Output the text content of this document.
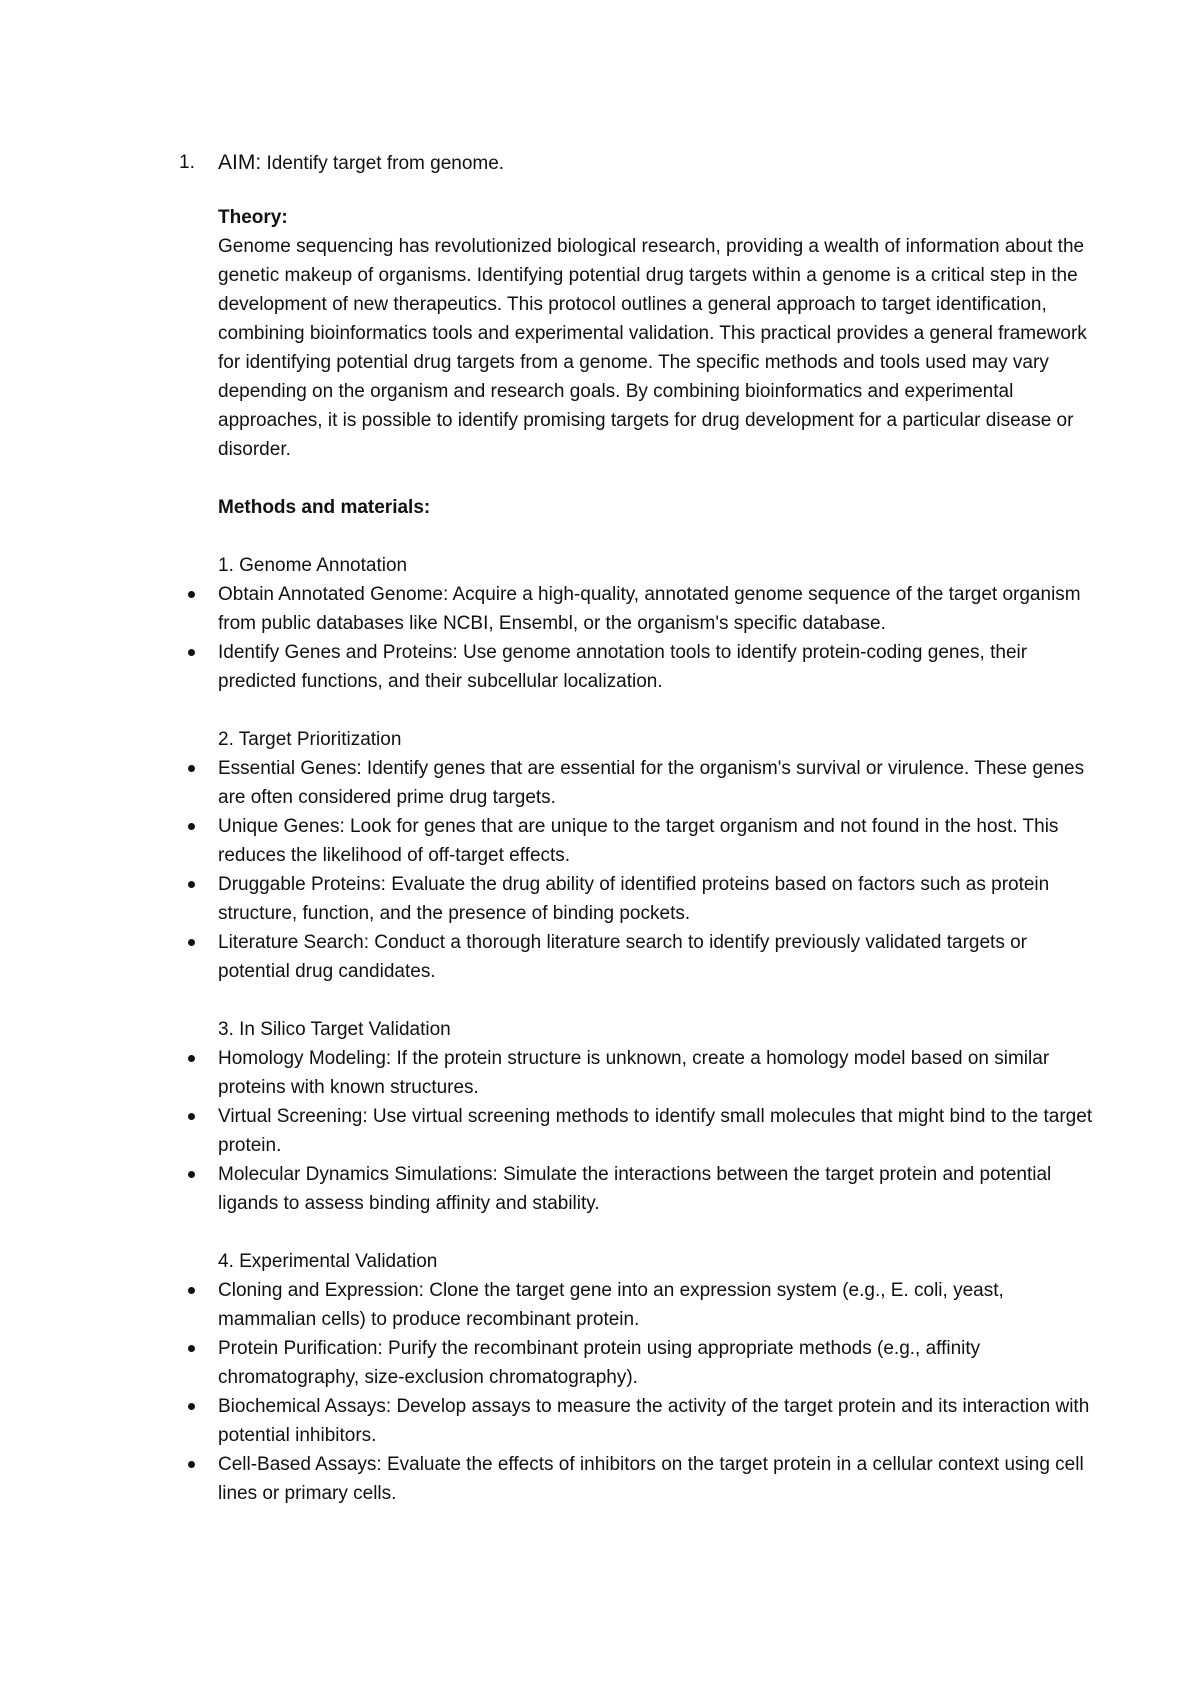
1.	AIM: Identify target from genome.
Theory:

Genome sequencing has revolutionized biological research, providing a wealth of information about the genetic makeup of organisms. Identifying potential drug targets within a genome is a critical step in the development of new therapeutics. This protocol outlines a general approach to target identification, combining bioinformatics tools and experimental validation. This practical provides a general framework for identifying potential drug targets from a genome. The specific methods and tools used may vary depending on the organism and research goals. By combining bioinformatics and experimental approaches, it is possible to identify promising targets for drug development for a particular disease or disorder.

Methods and materials:

1. Genome Annotation

Obtain Annotated Genome: Acquire a high-quality, annotated genome sequence of the target organism from public databases like NCBI, Ensembl, or the organism's specific database.
Identify Genes and Proteins: Use genome annotation tools to identify protein-coding genes, their predicted functions, and their subcellular localization.

2. Target Prioritization

Essential Genes: Identify genes that are essential for the organism's survival or virulence. These genes are often considered prime drug targets.
Unique Genes: Look for genes that are unique to the target organism and not found in the host. This reduces the likelihood of off-target effects.
Druggable Proteins: Evaluate the drug ability of identified proteins based on factors such as protein structure, function, and the presence of binding pockets.
Literature Search: Conduct a thorough literature search to identify previously validated targets or potential drug candidates.

3. In Silico Target Validation

Homology Modeling: If the protein structure is unknown, create a homology model based on similar proteins with known structures.
Virtual Screening: Use virtual screening methods to identify small molecules that might bind to the target protein.
Molecular Dynamics Simulations: Simulate the interactions between the target protein and potential ligands to assess binding affinity and stability.

4. Experimental Validation

Cloning and Expression: Clone the target gene into an expression system (e.g., E. coli, yeast, mammalian cells) to produce recombinant protein.
Protein Purification: Purify the recombinant protein using appropriate methods (e.g., affinity chromatography, size-exclusion chromatography).
Biochemical Assays: Develop assays to measure the activity of the target protein and its interaction with potential inhibitors.
Cell-Based Assays: Evaluate the effects of inhibitors on the target protein in a cellular context using cell lines or primary cells.
